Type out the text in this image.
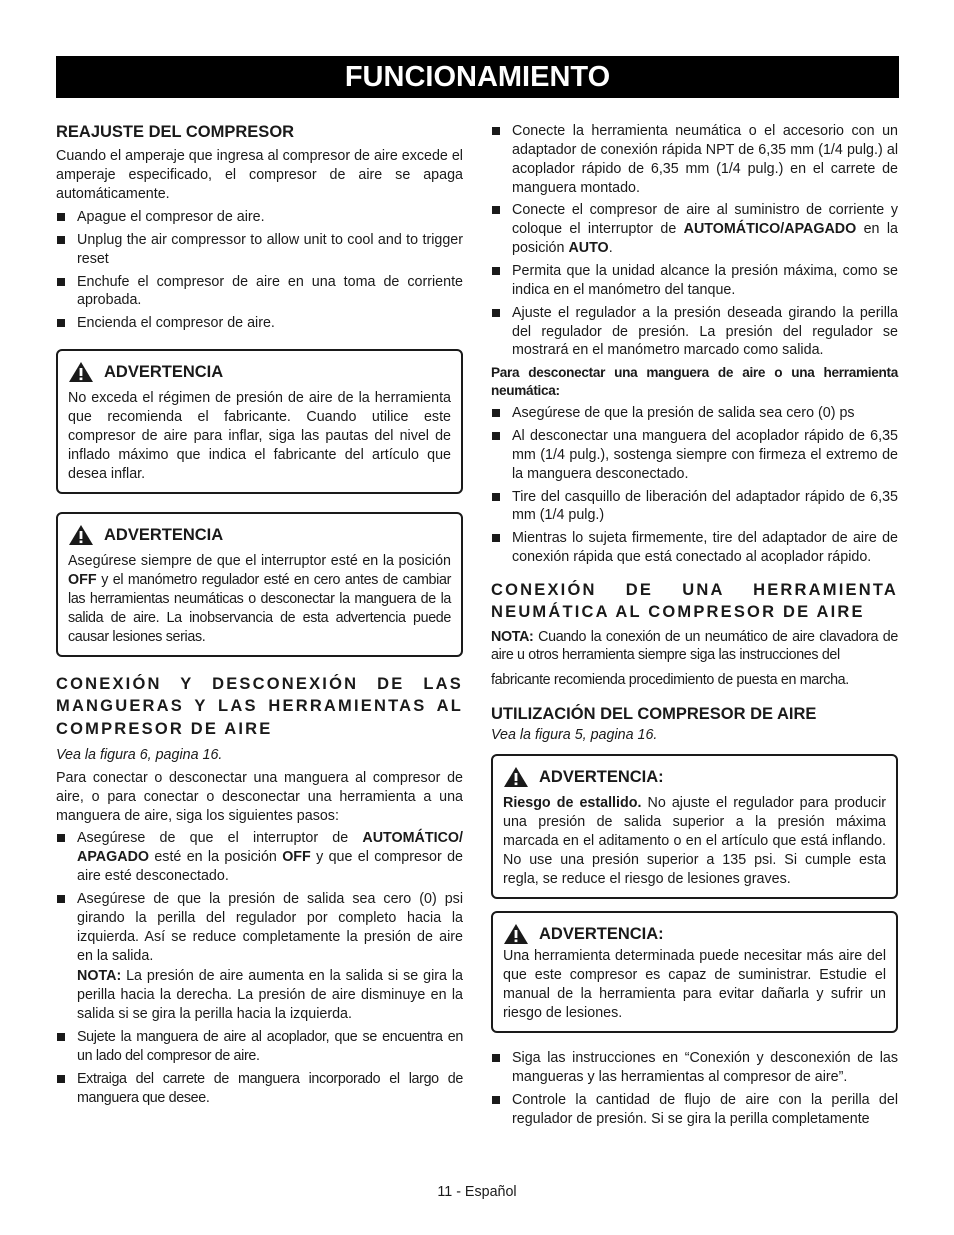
FUNCIONAMIENTO
REAJUSTE DEL COMPRESOR

Cuando el amperaje que ingresa al compresor de aire excede el amperaje especificado, el compresor de aire se apaga automáticamente.

Apague el compresor de aire.
Unplug the air compressor to allow unit to cool and to trigger reset
Enchufe el compresor de aire en una toma de corriente aprobada.
Encienda el compresor de aire.
ADVERTENCIA

No exceda el régimen de presión de aire de la herramienta que recomienda el fabricante. Cuando utilice este compresor de aire para inflar, siga las pautas del nivel de inflado máximo que indica el fabricante del artículo que desea inflar.

ADVERTENCIA

Asegúrese siempre de que el interruptor esté en la posición OFF y el manómetro regulador esté en cero antes de cambiar las herramientas neumáticas o desconectar la manguera de la salida de aire. La inobservancia de esta advertencia puede causar lesiones serias.

CONEXIÓN Y DESCONEXIÓN DE LAS MANGUERAS Y LAS HERRAMIENTAS AL COMPRESOR DE AIRE

Vea la figura 6, pagina 16.

Para conectar o desconectar una manguera al compresor de aire, o para conectar o desconectar una herramienta a una manguera de aire, siga los siguientes pasos:

Asegúrese de que el interruptor de AUTOMÁTICO/ APAGADO esté en la posición OFF y que el compresor de aire esté desconectado.
Asegúrese de que la presión de salida sea cero (0) psi girando la perilla del regulador por completo hacia la izquierda. Así se reduce completamente la presión de aire en la salida.
NOTA: La presión de aire aumenta en la salida si se gira la perilla hacia la derecha. La presión de aire disminuye en la salida si se gira la perilla hacia la izquierda.
Sujete la manguera de aire al acoplador, que se encuentra en un lado del compresor de aire.
Extraiga del carrete de manguera incorporado el largo de manguera que desee.
Conecte la herramienta neumática o el accesorio con un adaptador de conexión rápida NPT de 6,35 mm (1/4 pulg.) al acoplador rápido de 6,35 mm (1/4 pulg.) en el carrete de manguera montado.
Conecte el compresor de aire al suministro de corriente y coloque el interruptor de AUTOMÁTICO/APAGADO en la posición AUTO.
Permita que la unidad alcance la presión máxima, como se indica en el manómetro del tanque.
Ajuste el regulador a la presión deseada girando la perilla del regulador de presión. La presión del regulador se mostrará en el manómetro marcado como salida.

Para desconectar una manguera de aire o una herramienta neumática:

Asegúrese de que la presión de salida sea cero (0) ps
Al desconectar una manguera del acoplador rápido de 6,35 mm (1/4 pulg.), sostenga siempre con firmeza el extremo de la manguera desconectado.
Tire del casquillo de liberación del adaptador rápido de 6,35 mm (1/4 pulg.)
Mientras lo sujeta firmemente, tire del adaptador de aire de conexión rápida que está conectado al acoplador rápido.
CONEXIÓN DE UNA HERRAMIENTA NEUMÁTICA AL COMPRESOR DE AIRE

NOTA: Cuando la conexión de un neumático de aire clavadora de aire u otros herramienta siempre siga las instrucciones del

fabricante recomienda procedimiento de puesta en marcha.

UTILIZACIÓN DEL COMPRESOR DE AIRE

Vea la figura 5, pagina 16.

ADVERTENCIA:

Riesgo de estallido. No ajuste el regulador para producir una presión de salida superior a la presión máxima marcada en el aditamento o en el artículo que está inflando. No use una presión superior a 135 psi. Si cumple esta regla, se reduce el riesgo de lesiones graves.

ADVERTENCIA:

Una herramienta determinada puede necesitar más aire del que este compresor es capaz de suministrar. Estudie el manual de la herramienta para evitar dañarla y sufrir un riesgo de lesiones.

Siga las instrucciones en “Conexión y desconexión de las mangueras y las herramientas al compresor de aire”.
Controle la cantidad de flujo de aire con la perilla del regulador de presión. Si se gira la perilla completamente
11 - Español
